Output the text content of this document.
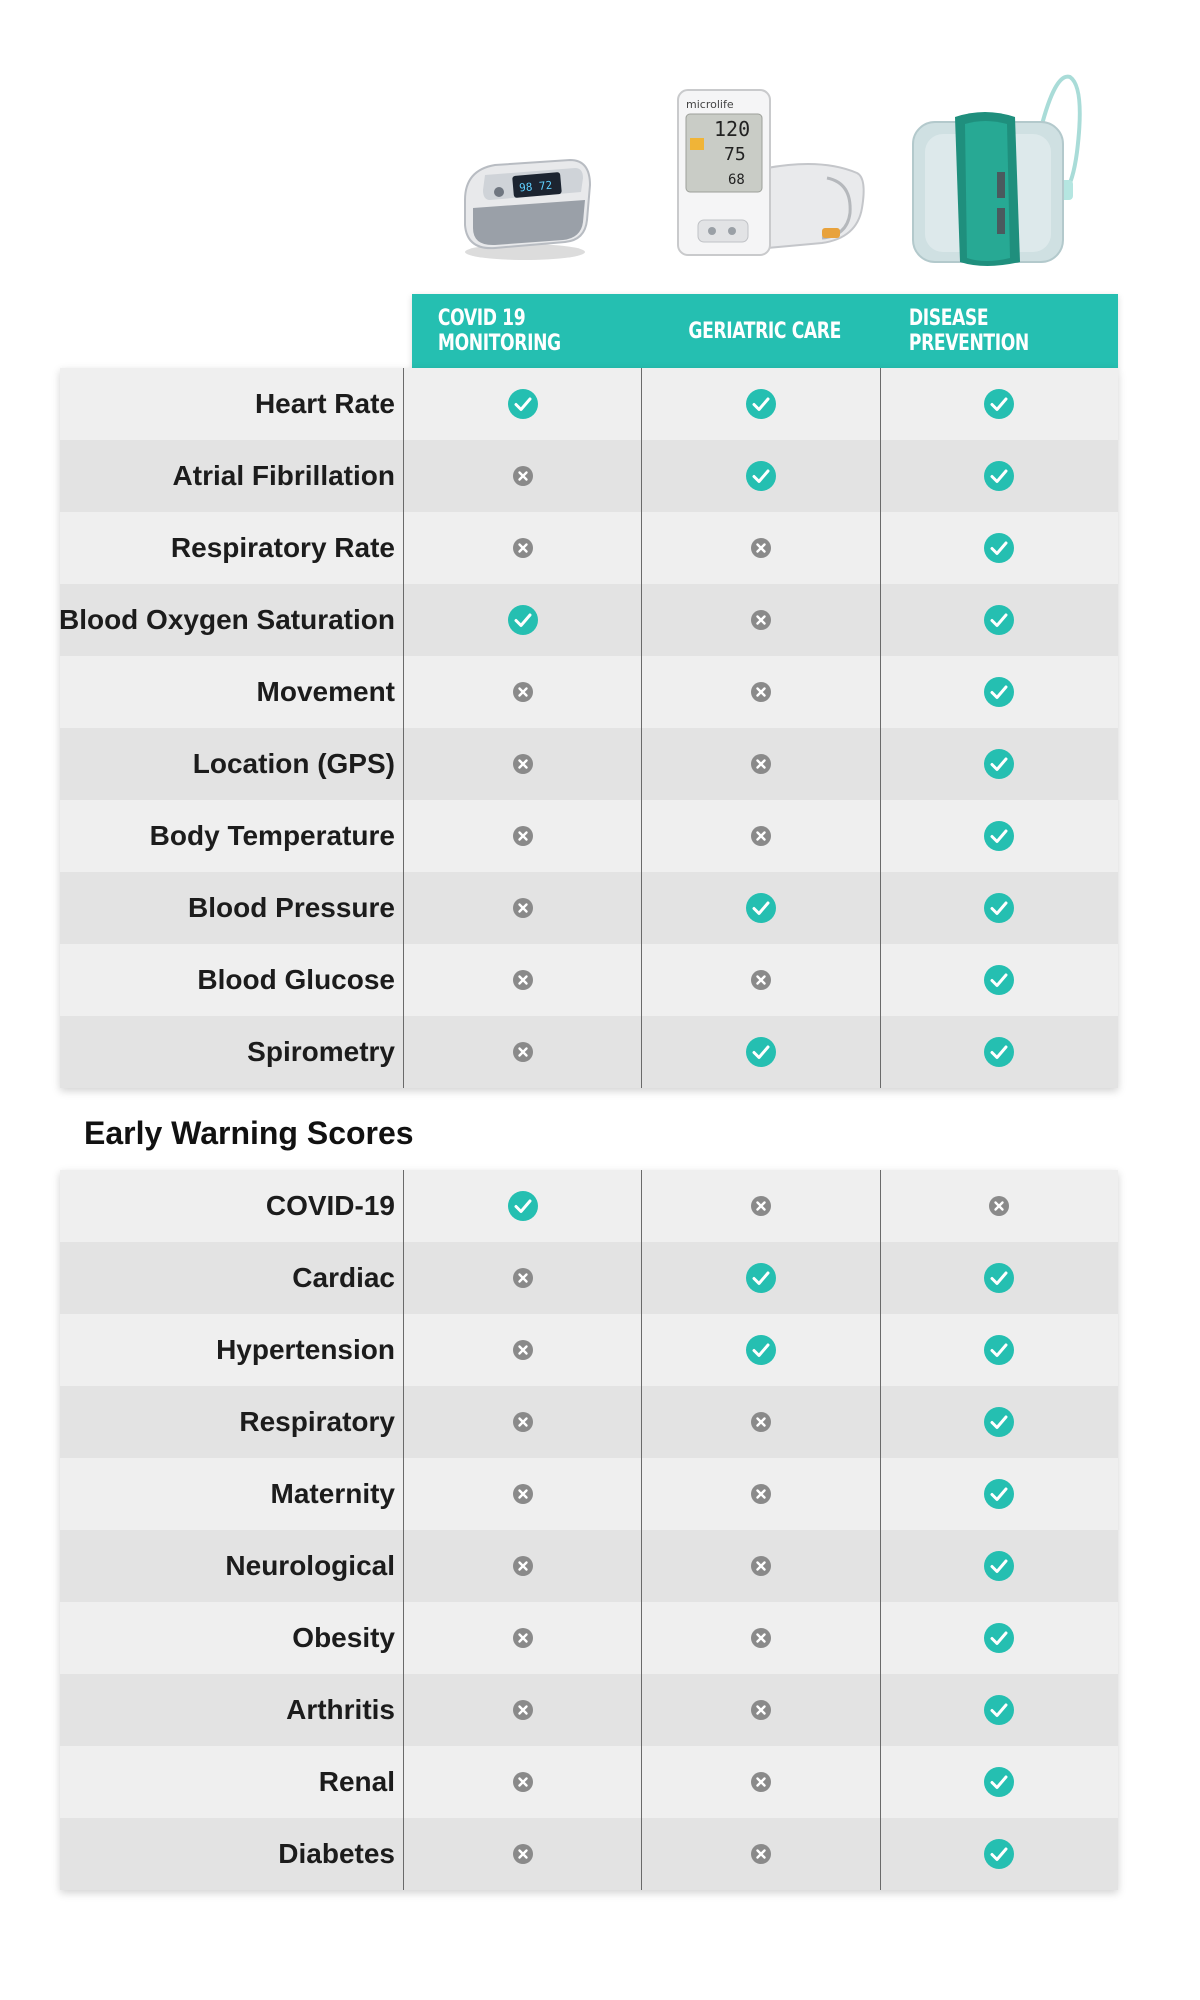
98 72
microlife
120
75
68
COVID 19 MONITORING	GERIATRIC CARE	DISEASE PREVENTION
Heart Rate
Atrial Fibrillation
Respiratory Rate
Blood Oxygen Saturation
Movement
Location (GPS)
Body Temperature
Blood Pressure
Blood Glucose
Spirometry
Early Warning Scores
COVID-19
Cardiac
Hypertension
Respiratory
Maternity
Neurological
Obesity
Arthritis
Renal
Diabetes
